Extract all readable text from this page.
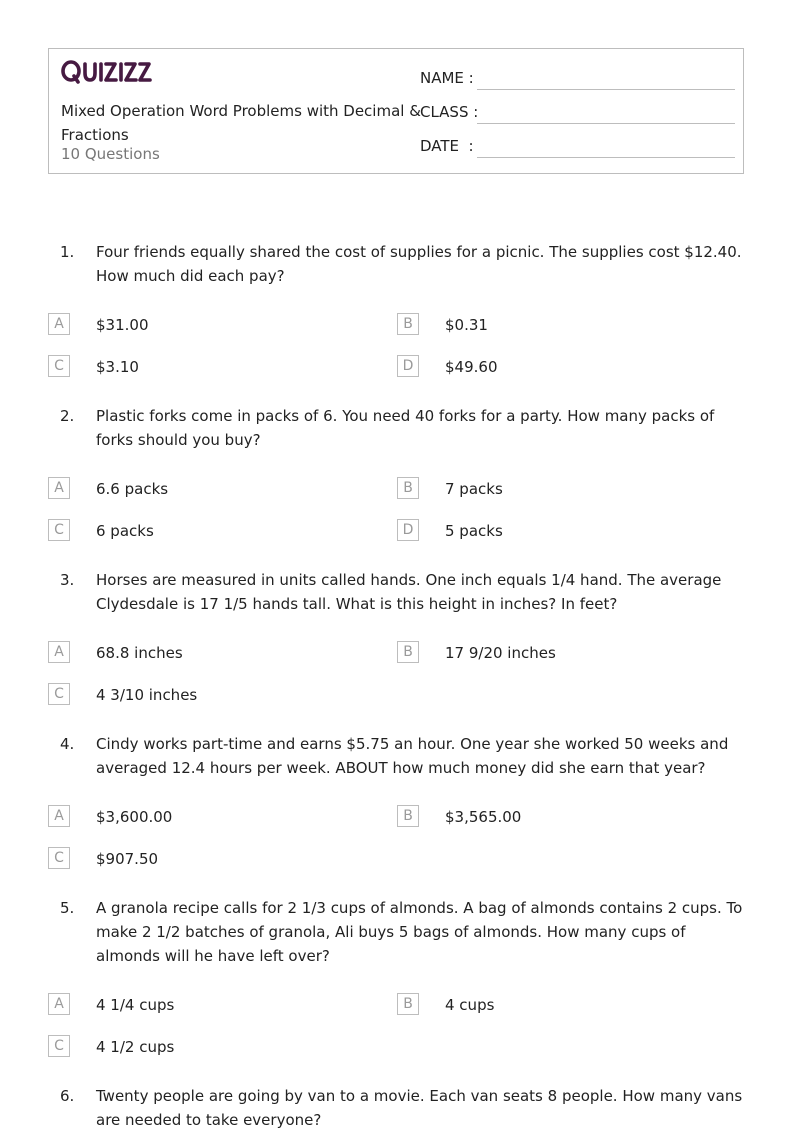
Mixed Operation Word Problems with Decimal & Fractions
10 Questions
NAME :
CLASS :
DATE  :
1. Four friends equally shared the cost of supplies for a picnic. The supplies cost $12.40. How much did each pay?
A	$31.00	B	$0.31
C	$3.10	D	$49.60
2. Plastic forks come in packs of 6. You need 40 forks for a party. How many packs of forks should you buy?
A	6.6 packs	B	7 packs
C	6 packs	D	5 packs
3. Horses are measured in units called hands. One inch equals 1/4 hand. The average Clydesdale is 17 1/5 hands tall. What is this height in inches? In feet?
A	68.8 inches	B	17 9/20 inches
C	4 3/10 inches
4. Cindy works part-time and earns $5.75 an hour. One year she worked 50 weeks and averaged 12.4 hours per week. ABOUT how much money did she earn that year?
A	$3,600.00	B	$3,565.00
C	$907.50
5. A granola recipe calls for 2 1/3 cups of almonds. A bag of almonds contains 2 cups. To make 2 1/2 batches of granola, Ali buys 5 bags of almonds. How many cups of almonds will he have left over?
A	4 1/4 cups	B	4 cups
C	4 1/2 cups
6. Twenty people are going by van to a movie. Each van seats 8 people. How many vans are needed to take everyone?
